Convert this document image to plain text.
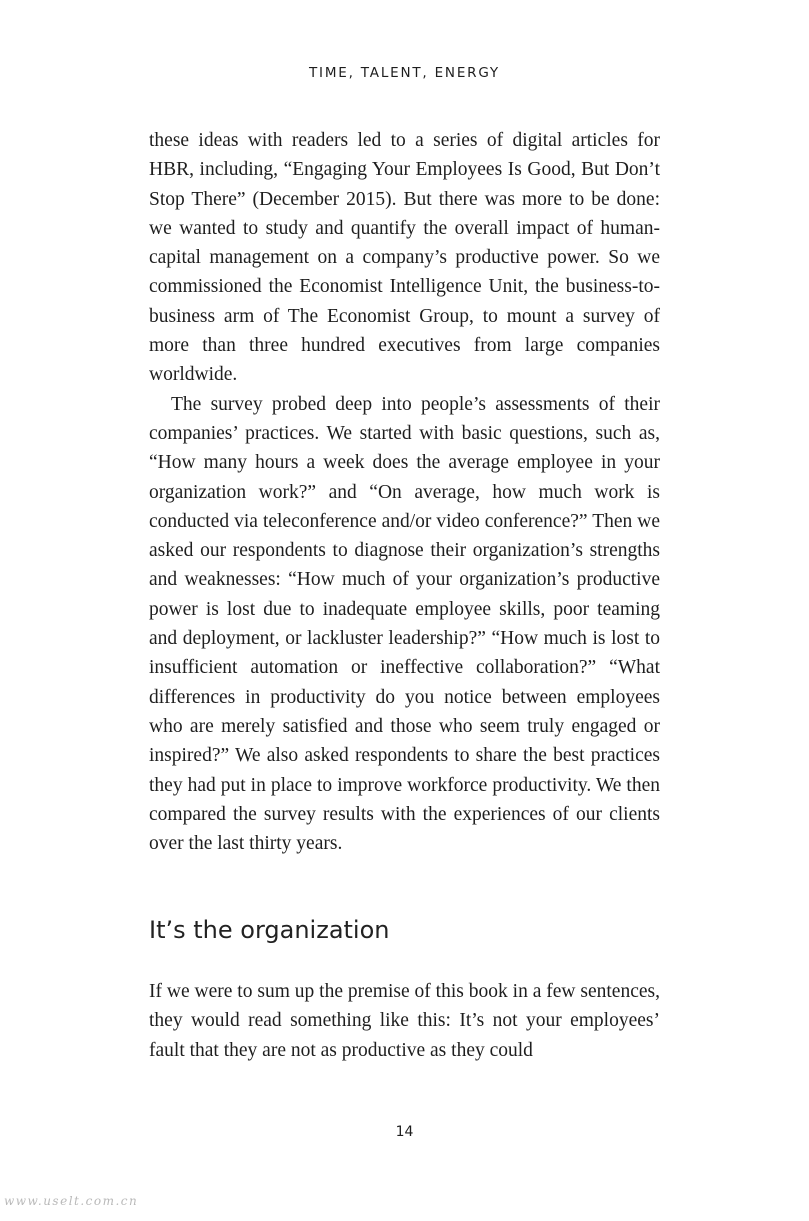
TIME, TALENT, ENERGY

these ideas with readers led to a series of digital articles for HBR, including, “Engaging Your Employees Is Good, But Don’t Stop There” (December 2015). But there was more to be done: we wanted to study and quantify the overall impact of human-capital management on a company’s productive power. So we commissioned the Economist Intelligence Unit, the business-to-business arm of The Economist Group, to mount a survey of more than three hundred executives from large companies worldwide.

The survey probed deep into people’s assessments of their companies’ practices. We started with basic questions, such as, “How many hours a week does the average employee in your organization work?” and “On average, how much work is conducted via teleconference and/or video conference?” Then we asked our respondents to diagnose their organization’s strengths and weaknesses: “How much of your organization’s productive power is lost due to inadequate employee skills, poor teaming and deployment, or lackluster leadership?” “How much is lost to insufficient automation or ineffective collaboration?” “What differences in productivity do you notice between employees who are merely satisfied and those who seem truly engaged or inspired?” We also asked respondents to share the best practices they had put in place to improve workforce productivity. We then compared the survey results with the experiences of our clients over the last thirty years.

It’s the organization

If we were to sum up the premise of this book in a few sentences, they would read something like this: It’s not your employees’ fault that they are not as productive as they could

14
www.uselt.com.cn
